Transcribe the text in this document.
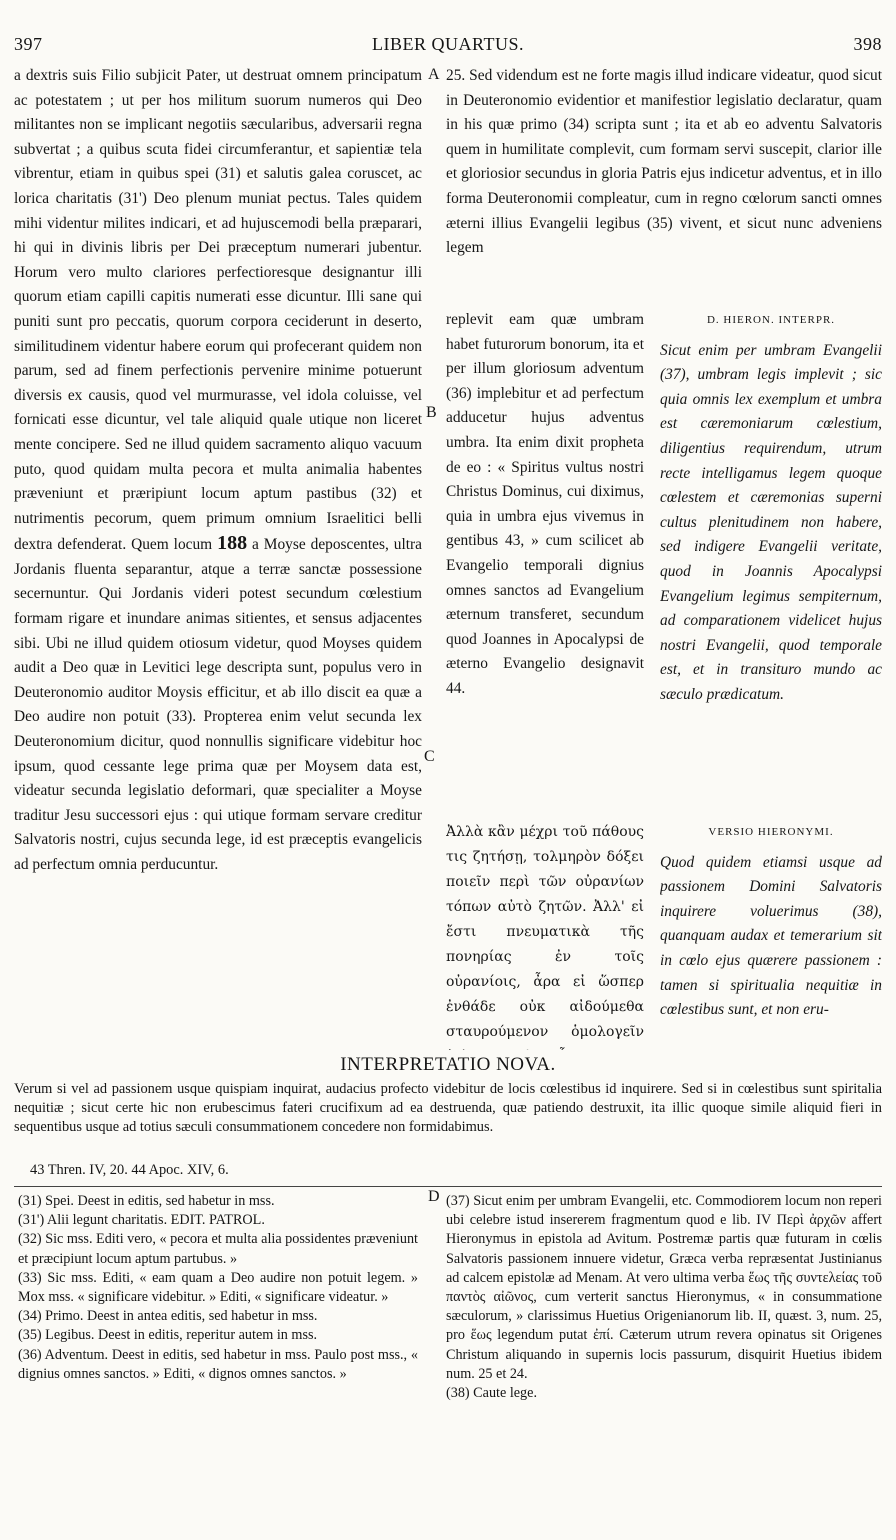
397	LIBER QUARTUS.	398

a dextris suis Filio subjicit Pater, ut destruat omnem principatum ac potestatem ; ut per hos militum suorum numeros qui Deo militantes non se implicant negotiis sæcularibus, adversarii regna subvertat ; a quibus scuta fidei circumferantur, et sapientiæ tela vibrentur, etiam in quibus spei (31) et salutis galea coruscet, ac lorica charitatis (31') Deo plenum muniat pectus. Tales quidem mihi videntur milites indicari, et ad hujuscemodi bella præparari, hi qui in divinis libris per Dei præceptum numerari jubentur. Horum vero multo clariores perfectioresque designantur illi quorum etiam capilli capitis numerati esse dicuntur. Illi sane qui puniti sunt pro peccatis, quorum corpora ceciderunt in deserto, similitudinem videntur habere eorum qui profecerant quidem non parum, sed ad finem perfectionis pervenire minime potuerunt diversis ex causis, quod vel murmurasse, vel idola coluisse, vel fornicati esse dicuntur, vel tale aliquid quale utique non liceret mente concipere. Sed ne illud quidem sacramento aliquo vacuum puto, quod quidam multa pecora et multa animalia habentes præveniunt et præripiunt locum aptum pastibus (32) et nutrimentis pecorum, quem primum omnium Israelitici belli dextra defenderat. Quem locum 188 a Moyse deposcentes, ultra Jordanis fluenta separantur, atque a terræ sanctæ possessione secernuntur. Qui Jordanis videri potest secundum cœlestium formam rigare et inundare animas sitientes, et sensus adjacentes sibi. Ubi ne illud quidem otiosum videtur, quod Moyses quidem audit a Deo quæ in Levitici lege descripta sunt, populus vero in Deuteronomio auditor Moysis efficitur, et ab illo discit ea quæ a Deo audire non potuit (33). Propterea enim velut secunda lex Deuteronomium dicitur, quod nonnullis significare videbitur hoc ipsum, quod cessante lege prima quæ per Moysem data est, videatur secunda legislatio deformari, quæ specialiter a Moyse traditur Jesu successori ejus : qui utique formam servare creditur Salvatoris nostri, cujus secunda lege, id est præceptis evangelicis ad perfectum omnia perducuntur.

A
B
C
D

25. Sed videndum est ne forte magis illud indicare videatur, quod sicut in Deuteronomio evidentior et manifestior legislatio declaratur, quam in his quæ primo (34) scripta sunt ; ita et ab eo adventu Salvatoris quem in humilitate complevit, cum formam servi suscepit, clarior ille et gloriosior secundus in gloria Patris ejus indicetur adventus, et in illo forma Deuteronomii compleatur, cum in regno cœlorum sancti omnes æterni illius Evangelii legibus (35) vivent, et sicut nunc adveniens legem

replevit eam quæ umbram habet futurorum bonorum, ita et per illum gloriosum adventum (36) implebitur et ad perfectum adducetur hujus adventus umbra. Ita enim dixit propheta de eo : « Spiritus vultus nostri Christus Dominus, cui diximus, quia in umbra ejus vivemus in gentibus 43, » cum scilicet ab Evangelio temporali dignius omnes sanctos ad Evangelium æternum transferet, secundum quod Joannes in Apocalypsi de æterno Evangelio designavit 44.

D. HIERON. INTERPR.

Sicut enim per umbram Evangelii (37), umbram legis implevit ; sic quia omnis lex exemplum et umbra est cæremoniarum cœlestium, diligentius requirendum, utrum recte intelligamus legem quoque cœlestem et cæremonias superni cultus plenitudinem non habere, sed indigere Evangelii veritate, quod in Joannis Apocalypsi Evangelium legimus sempiternum, ad comparationem videlicet hujus nostri Evangelii, quod temporale est, et in transituro mundo ac sæculo prædicatum.

Ἀλλὰ κἂν μέχρι τοῦ πάθους τις ζητήσῃ, τολμηρὸν δόξει ποιεῖν περὶ τῶν οὐρανίων τόπων αὐτὸ ζητῶν. Ἀλλ' εἰ ἔστι πνευματικὰ τῆς πονηρίας ἐν τοῖς οὐρανίοις, ἆρα εἰ ὥσπερ ἐνθάδε οὐκ αἰδούμεθα σταυρούμενον ὁμολογεῖν

VERSIO HIERONYMI.

Quod quidem etiamsi usque ad passionem Domini Salvatoris inquirere voluerimus (38), quanquam audax et temerarium sit in cœlo ejus quærere passionem : tamen si spiritualia nequitiæ in cœlestibus sunt, et non eru-

INTERPRETATIO NOVA.
Verum si vel ad passionem usque quispiam inquirat, audacius profecto videbitur de locis cœlestibus id inquirere. Sed si in cœlestibus sunt spiritalia nequitiæ ; sicut certe hic non erubescimus fateri crucifixum ad ea destruenda, quæ patiendo destruxit, ita illic quoque simile aliquid fieri in sequentibus usque ad totius sæculi consummationem concedere non formidabimus.
43 Thren. IV, 20. 44 Apoc. XIV, 6.

(31) Spei. Deest in editis, sed habetur in mss.

(31') Alii legunt charitatis. EDIT. PATROL.

(32) Sic mss. Editi vero, « pecora et multa alia possidentes præveniunt et præcipiunt locum aptum partubus. »

(33) Sic mss. Editi, « eam quam a Deo audire non potuit legem. » Mox mss. « significare videbitur. » Editi, « significare videatur. »

(34) Primo. Deest in antea editis, sed habetur in mss.

(35) Legibus. Deest in editis, reperitur autem in mss.

(36) Adventum. Deest in editis, sed habetur in mss. Paulo post mss., « dignius omnes sanctos. » Editi, « dignos omnes sanctos. »

(37) Sicut enim per umbram Evangelii, etc. Commodiorem locum non reperi ubi celebre istud insererem fragmentum quod e lib. IV Περὶ ἀρχῶν affert Hieronymus in epistola ad Avitum. Postremæ partis quæ futuram in cœlis Salvatoris passionem innuere videtur, Græca verba repræsentat Justinianus ad calcem epistolæ ad Menam. At vero ultima verba ἕως τῆς συντελείας τοῦ παντὸς αἰῶνος, cum verterit sanctus Hieronymus, « in consummatione sæculorum, » clarissimus Huetius Origenianorum lib. II, quæst. 3, num. 25, pro ἕως legendum putat ἐπί. Cæterum utrum revera opinatus sit Origenes Christum aliquando in supernis locis passurum, disquirit Huetius ibidem num. 25 et 24.

(38) Caute lege.
